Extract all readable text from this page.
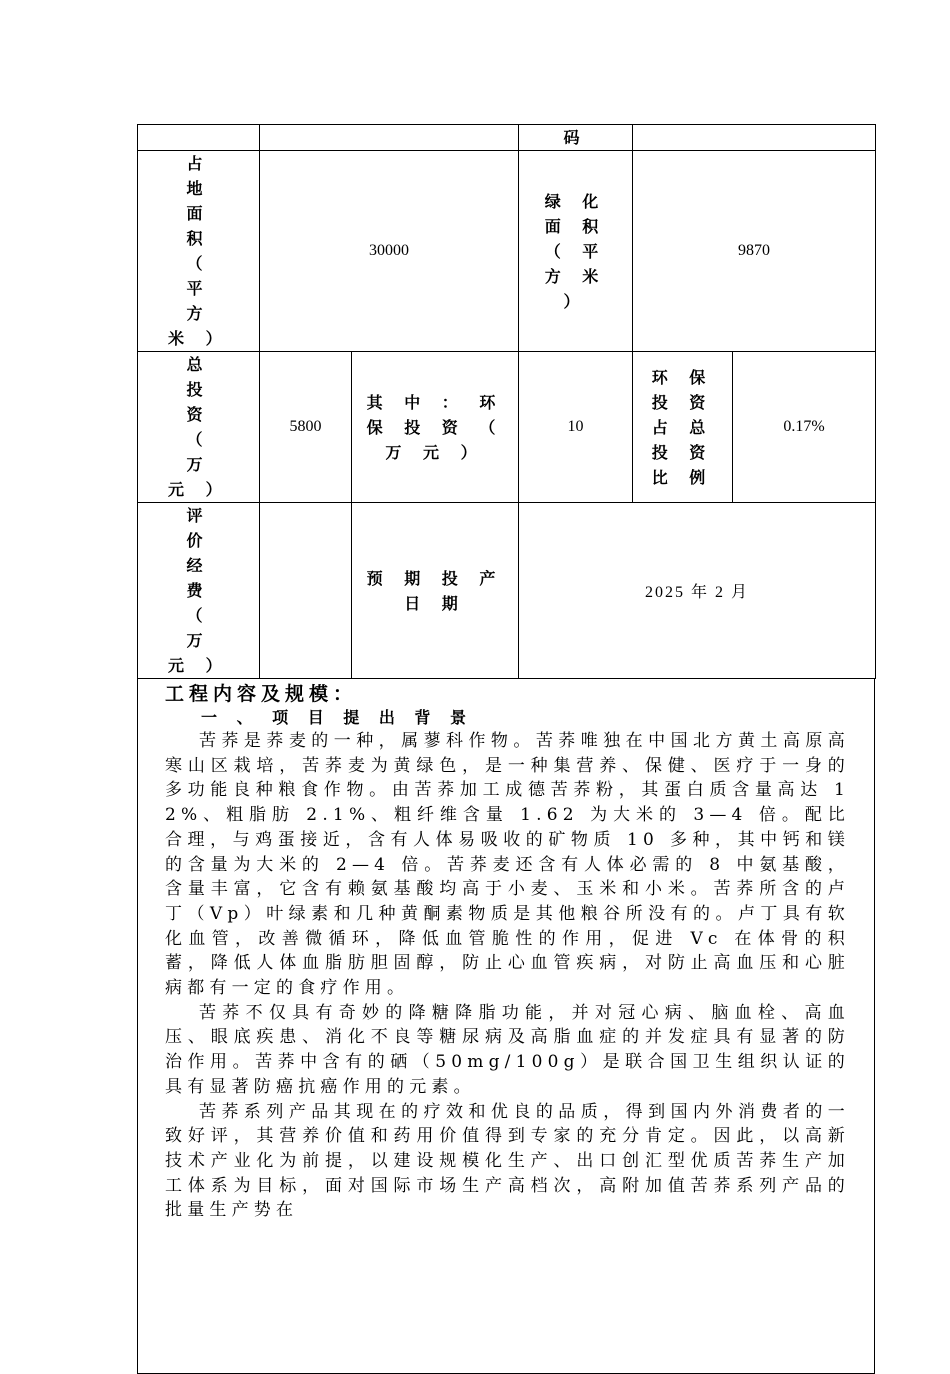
			码		
占 地 面 积 （ 平 方 米 ）	30000		绿 化 面 积 （ 平 方 米 ）	9870	
总 投 资 （ 万 元 ）	5800	其 中 ： 环 保 投 资 （ 万 元 ）	10	环 保 投 资 占 总 投 资 比 例	0.17%
评 价 经 费 （ 万 元 ）		预 期 投 产 日 期	2025 年 2 月		
工程内容及规模：
一 、 项 目 提 出 背 景

苦荞是荞麦的一种，属蓼科作物。苦荞唯独在中国北方黄土高原高寒山区栽培，苦荞麦为黄绿色，是一种集营养、保健、医疗于一身的多功能良种粮食作物。由苦荞加工成德苦荞粉，其蛋白质含量高达 12%、粗脂肪 2.1%、粗纤维含量 1.62 为大米的 3—4 倍。配比合理，与鸡蛋接近，含有人体易吸收的矿物质 10 多种，其中钙和镁的含量为大米的 2—4 倍。苦荞麦还含有人体必需的 8 中氨基酸，含量丰富，它含有赖氨基酸均高于小麦、玉米和小米。苦荞所含的卢丁（Vp）叶绿素和几种黄酮素物质是其他粮谷所没有的。卢丁具有软化血管，改善微循环，降低血管脆性的作用，促进 Vc 在体骨的积蓄，降低人体血脂肪胆固醇，防止心血管疾病，对防止高血压和心脏病都有一定的食疗作用。

苦荞不仅具有奇妙的降糖降脂功能，并对冠心病、脑血栓、高血压、眼底疾患、消化不良等糖尿病及高脂血症的并发症具有显著的防治作用。苦荞中含有的硒（50mg/100g）是联合国卫生组织认证的具有显著防癌抗癌作用的元素。

苦荞系列产品其现在的疗效和优良的品质，得到国内外消费者的一致好评，其营养价值和药用价值得到专家的充分肯定。因此，以高新技术产业化为前提，以建设规模化生产、出口创汇型优质苦荞生产加工体系为目标，面对国际市场生产高档次，高附加值苦荞系列产品的批量生产势在
